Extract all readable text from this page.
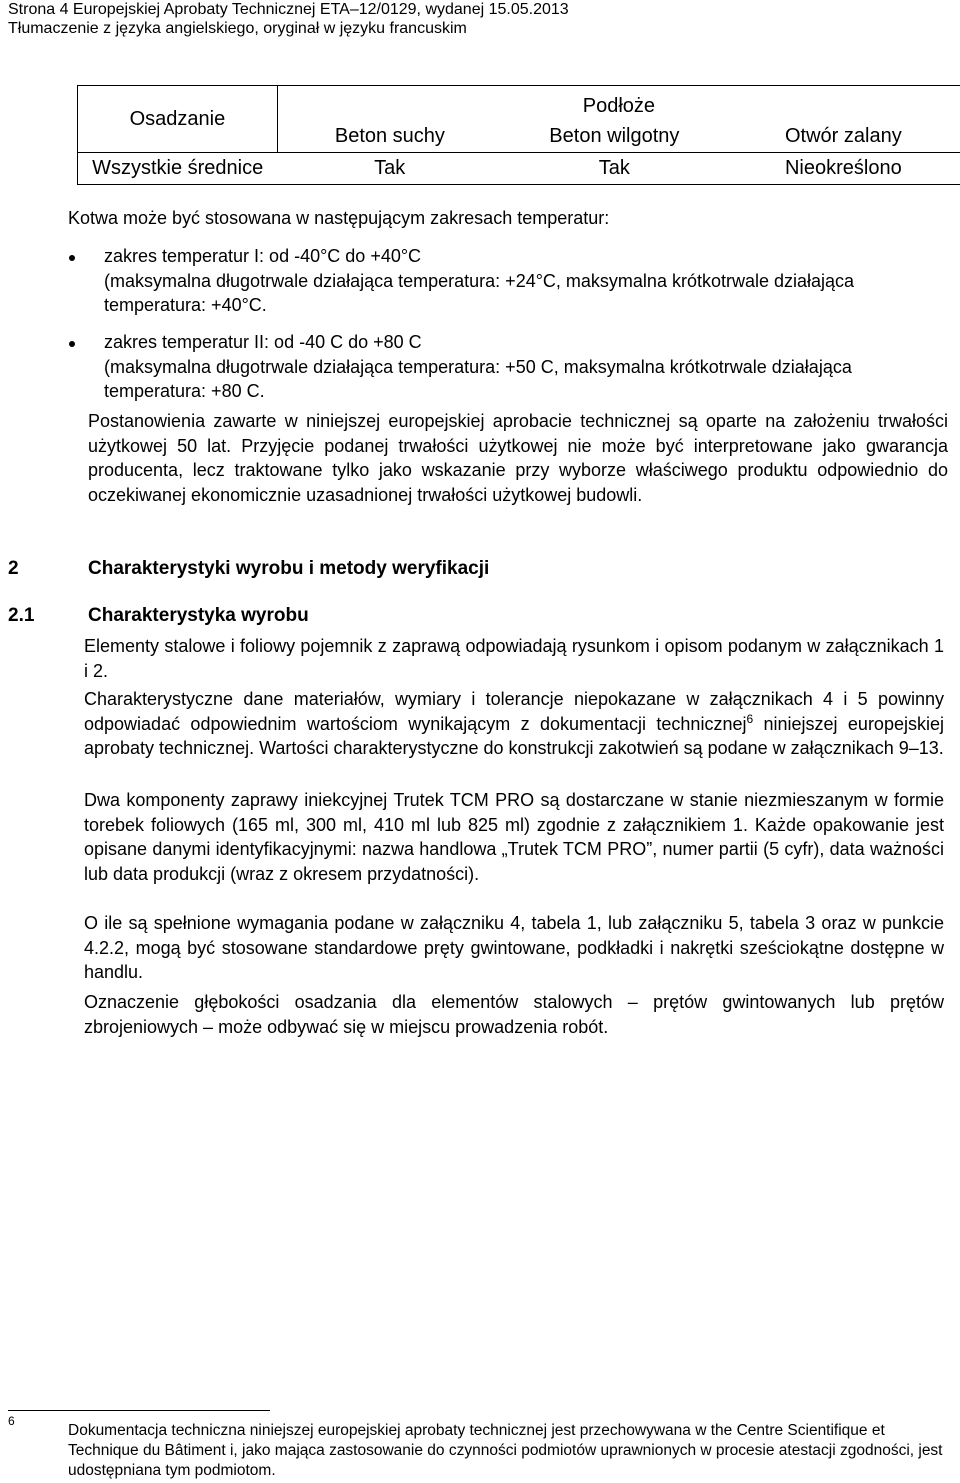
Strona 4 Europejskiej Aprobaty Technicznej ETA–12/0129, wydanej 15.05.2013
Tłumaczenie z języka angielskiego, oryginał w języku francuskim
Osadzanie	Podłoże		
	Beton suchy	Beton wilgotny	Otwór zalany
Wszystkie średnice	Tak	Tak	Nieokreślono

Kotwa może być stosowana w następującym zakresach temperatur:

zakres temperatur I: od -40°C do +40°C
(maksymalna długotrwale działająca temperatura: +24°C, maksymalna krótkotrwale działająca temperatura: +40°C.

zakres temperatur II: od -40 C do +80 C
(maksymalna długotrwale działająca temperatura: +50 C, maksymalna krótkotrwale działająca temperatura: +80 C.

Postanowienia zawarte w niniejszej europejskiej aprobacie technicznej są oparte na założeniu trwałości użytkowej 50 lat. Przyjęcie podanej trwałości użytkowej nie może być interpretowane jako gwarancja producenta, lecz traktowane tylko jako wskazanie przy wyborze właściwego produktu odpowiednio do oczekiwanej ekonomicznie uzasadnionej trwałości użytkowej budowli.

2	Charakterystyki wyrobu i metody weryfikacji
2.1	Charakterystyka wyrobu

Elementy stalowe i foliowy pojemnik z zaprawą odpowiadają rysunkom i opisom podanym w załącznikach 1 i 2.

Charakterystyczne dane materiałów, wymiary i tolerancje niepokazane w załącznikach 4 i 5 powinny odpowiadać odpowiednim wartościom wynikającym z dokumentacji technicznej$^6$ niniejszej europejskiej aprobaty technicznej. Wartości charakterystyczne do konstrukcji zakotwień są podane w załącznikach 9–13.

Dwa komponenty zaprawy iniekcyjnej Trutek TCM PRO są dostarczane w stanie niezmieszanym w formie torebek foliowych (165 ml, 300 ml, 410 ml lub 825 ml) zgodnie z załącznikiem 1. Każde opakowanie jest opisane danymi identyfikacyjnymi: nazwa handlowa „Trutek TCM PRO”, numer partii (5 cyfr), data ważności lub data produkcji (wraz z okresem przydatności).

O ile są spełnione wymagania podane w załączniku 4, tabela 1, lub załączniku 5, tabela 3 oraz w punkcie 4.2.2, mogą być stosowane standardowe pręty gwintowane, podkładki i nakrętki sześciokątne dostępne w handlu.

Oznaczenie głębokości osadzania dla elementów stalowych – prętów gwintowanych lub prętów zbrojeniowych – może odbywać się w miejscu prowadzenia robót.

6
Dokumentacja techniczna niniejszej europejskiej aprobaty technicznej jest przechowywana w the Centre Scientifique et Technique du Bâtiment i, jako mająca zastosowanie do czynności podmiotów uprawnionych w procesie atestacji zgodności, jest udostępniana tym podmiotom.
